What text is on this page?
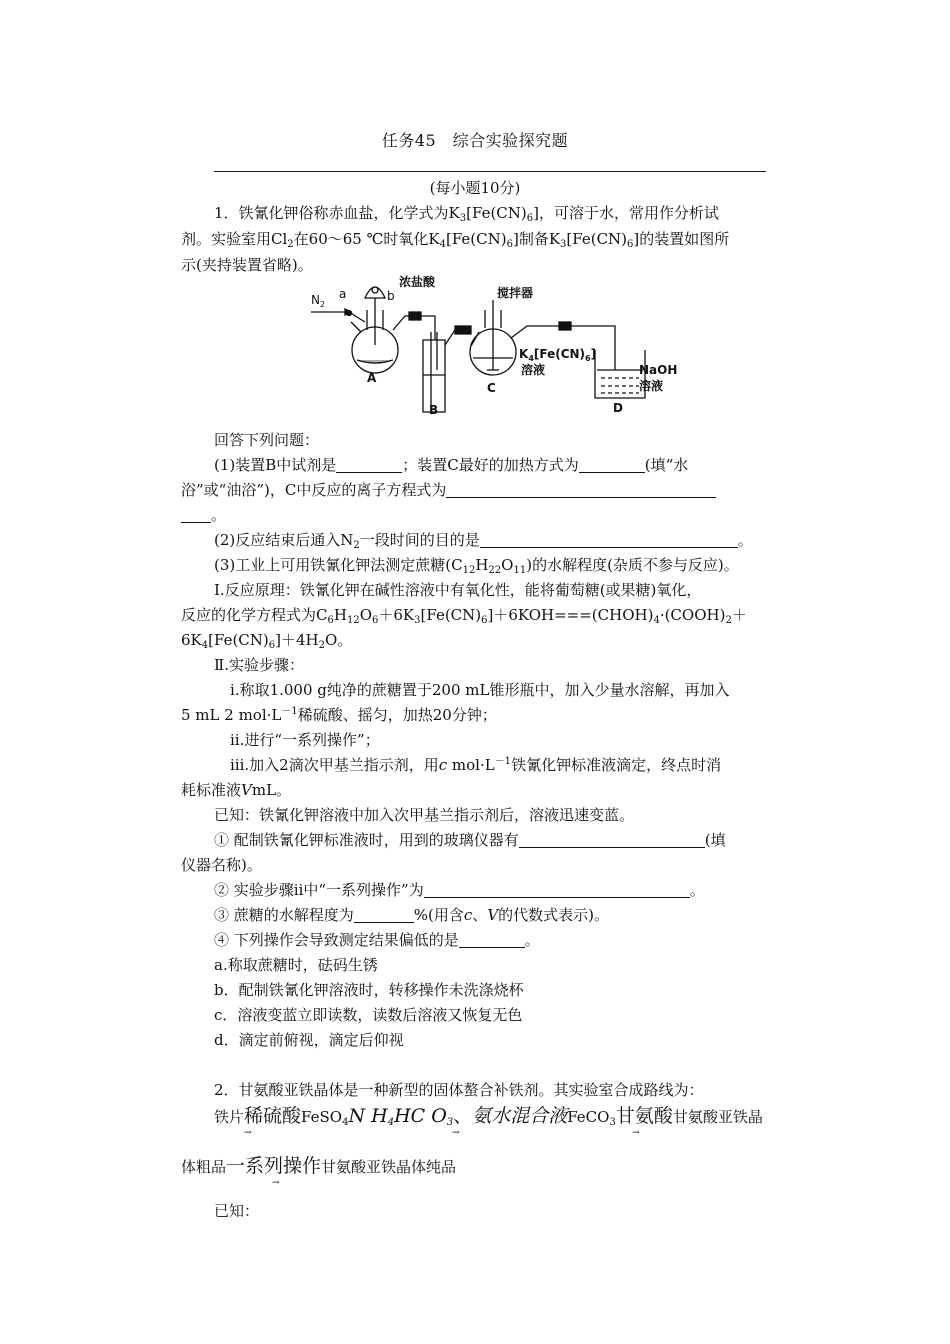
任务45　综合实验探究题
(每小题10分)
1．铁氰化钾俗称赤血盐，化学式为$K_3[Fe(CN)_6]$，可溶于水，常用作分析试
剂。实验室用$Cl_2$在60～65 ℃时氧化$K_4[Fe(CN)_6]$制备$K_3[Fe(CN)_6]$的装置如图所
示(夹持装置省略)。
$N_2$
a	b
浓盐酸
搅拌器
A
B
C
D
$K_4[Fe(CN)_6]$
溶液	NaOH
溶液
回答下列问题：
(1)装置B中试剂是	；装置C最好的加热方式为	(填“水
浴”或“油浴”)，C中反应的离子方程式为
。
(2)反应结束后通入$N_2$一段时间的目的是	。
(3)工业上可用铁氰化钾法测定蔗糖$(C_{12}H_{22}O_{11})$的水解程度(杂质不参与反应)。
Ⅰ.反应原理：铁氰化钾在碱性溶液中有氧化性，能将葡萄糖(或果糖)氧化，
反应的化学方程式为$C_6H_{12}O_6+6K_3[Fe(CN)_6]+6KOH===(CHOH)_4\cdot(COOH)_2+$
$6K_4[Fe(CN)_6]+4H_2O$。
Ⅱ.实验步骤：
ⅰ.称取1.000 g纯净的蔗糖置于200 mL锥形瓶中，加入少量水溶解，再加入
5 mL 2 $mol\cdot L^{-1}$稀硫酸、摇匀，加热20分钟；
ⅱ.进行“一系列操作”；
ⅲ.加入2滴次甲基兰指示剂，用c $mol\cdot L^{-1}$铁氰化钾标准液滴定，终点时消
耗标准液VmL。
已知：铁氰化钾溶液中加入次甲基兰指示剂后，溶液迅速变蓝。
① 配制铁氰化钾标准液时，用到的玻璃仪器有	(填
仪器名称)。
② 实验步骤ⅱ中“一系列操作”为	。
③ 蔗糖的水解程度为	%(用含c、V的代数式表示)。
④ 下列操作会导致测定结果偏低的是	。
a.称取蔗糖时，砝码生锈
b．配制铁氰化钾溶液时，转移操作未洗涤烧杯
c．溶液变蓝立即读数，读数后溶液又恢复无色
d．滴定前俯视，滴定后仰视
2．甘氨酸亚铁晶体是一种新型的固体螯合补铁剂。其实验室合成路线为：
铁片稀硫酸FeSO$_4$N $H_4HC$ $O_3$、氨水混合液FeCO$_3$甘氨酸甘氨酸亚铁晶
→	→	→
体粗品一系列操作甘氨酸亚铁晶体纯品
→
已知：
